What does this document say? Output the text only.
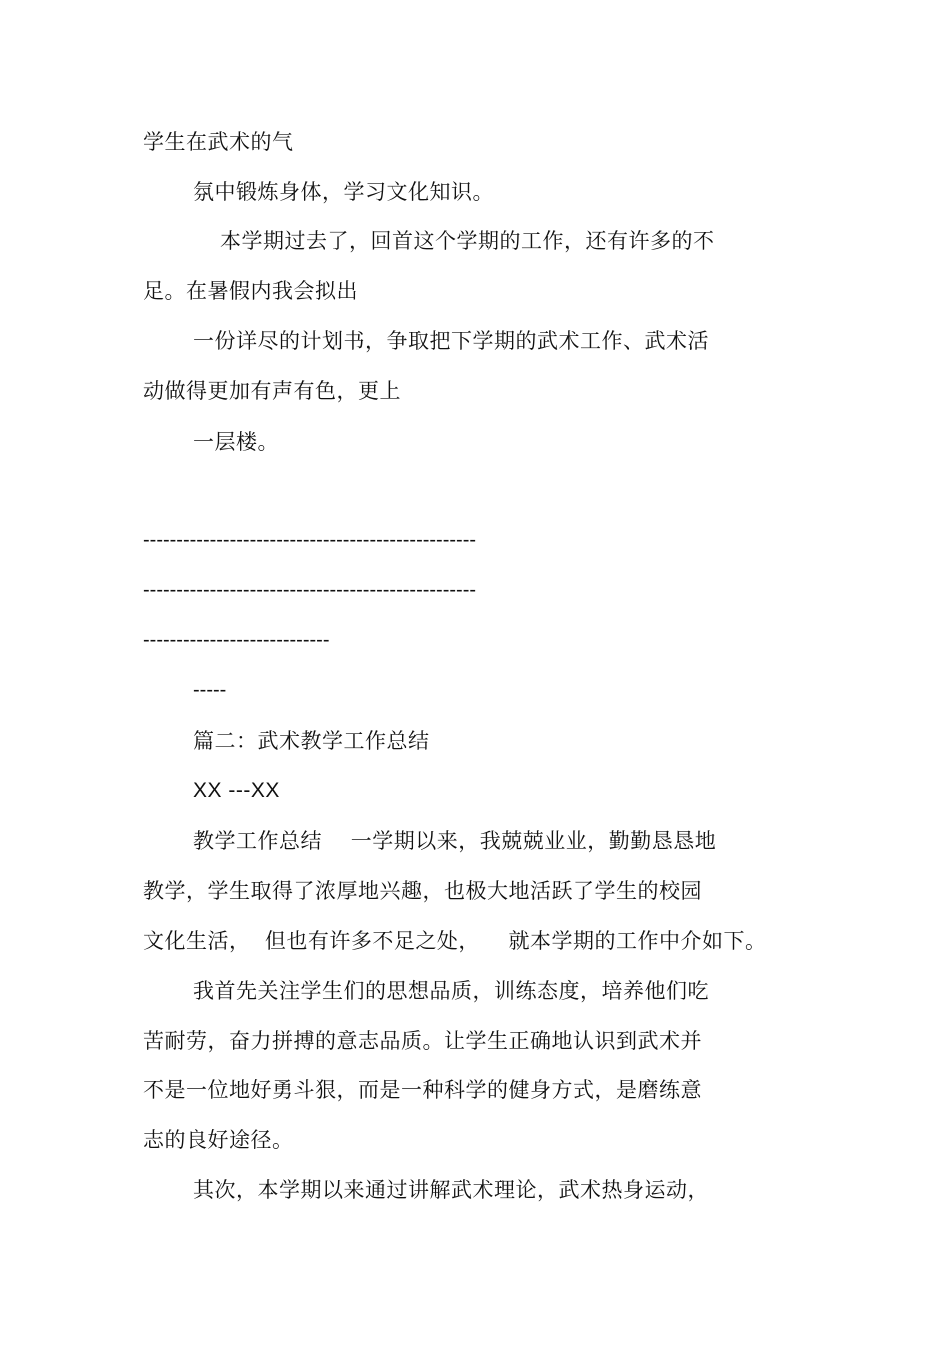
学生在武术的气
氛中锻炼身体，学习文化知识。
本学期过去了，回首这个学期的工作，还有许多的不
足。在暑假内我会拟出
一份详尽的计划书，争取把下学期的武术工作、武术活
动做得更加有声有色，更上
一层楼。
--------------------------------------------------
--------------------------------------------------
----------------------------
-----
篇二：武术教学工作总结
XX ---XX
教学工作总结    一学期以来，我兢兢业业，勤勤恳恳地
教学，学生取得了浓厚地兴趣，也极大地活跃了学生的校园
文化生活，  但也有许多不足之处，    就本学期的工作中介如下。
我首先关注学生们的思想品质，训练态度，培养他们吃
苦耐劳，奋力拼搏的意志品质。让学生正确地认识到武术并
不是一位地好勇斗狠，而是一种科学的健身方式，是磨练意
志的良好途径。
其次，本学期以来通过讲解武术理论，武术热身运动，
